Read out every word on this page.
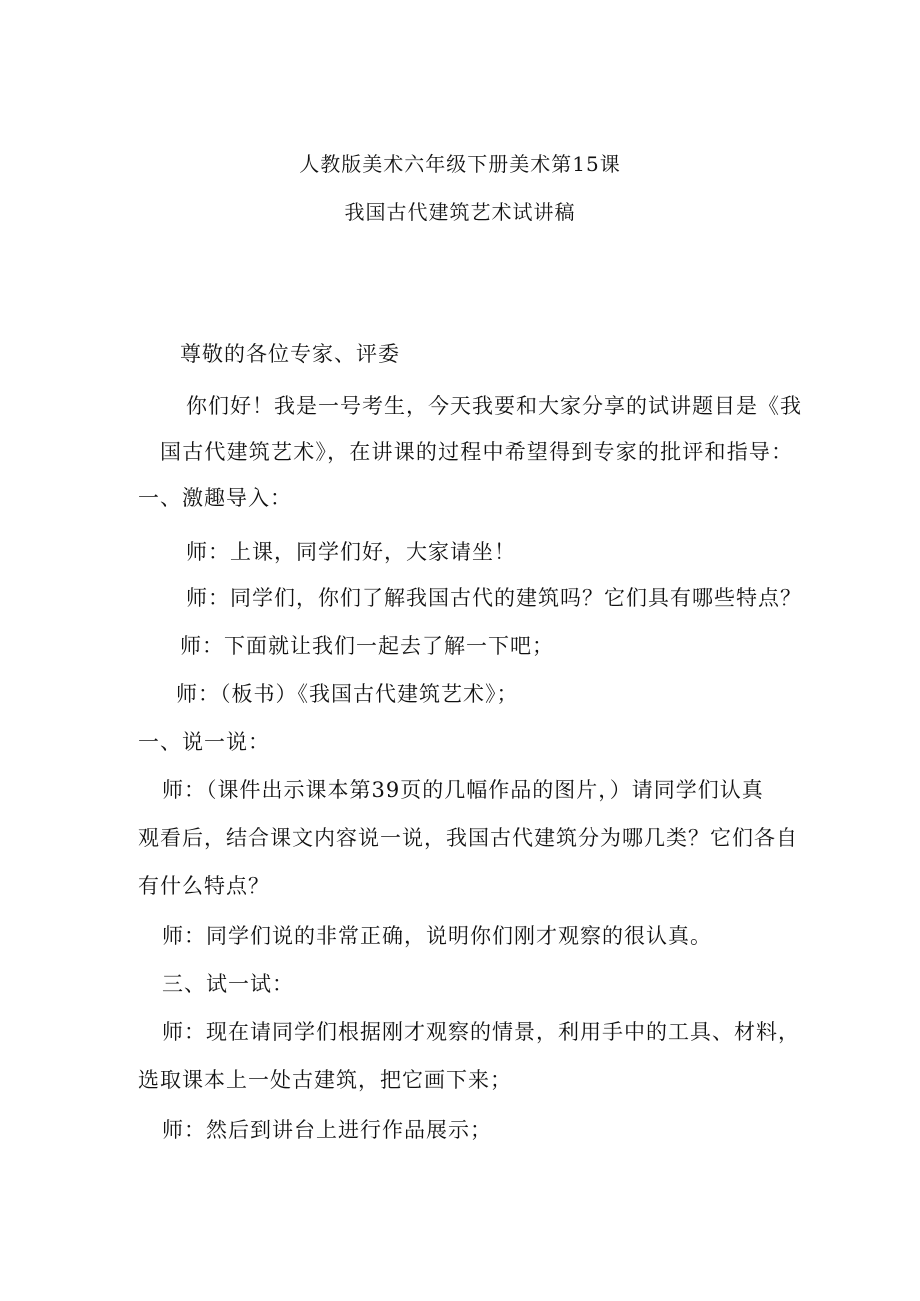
人教版美术六年级下册美术第15课
我国古代建筑艺术试讲稿
尊敬的各位专家、评委
你们好！我是一号考生，今天我要和大家分享的试讲题目是《我
国古代建筑艺术》，在讲课的过程中希望得到专家的批评和指导：
一、激趣导入：
师：上课，同学们好，大家请坐！
师：同学们，你们了解我国古代的建筑吗？它们具有哪些特点？
师：下面就让我们一起去了解一下吧；
师：（板书）《我国古代建筑艺术》；
一、说一说：
师：（课件出示课本第39页的几幅作品的图片，）请同学们认真
观看后，结合课文内容说一说，我国古代建筑分为哪几类？它们各自
有什么特点？
师：同学们说的非常正确，说明你们刚才观察的很认真。
三、试一试：
师：现在请同学们根据刚才观察的情景，利用手中的工具、材料，
选取课本上一处古建筑，把它画下来；
师：然后到讲台上进行作品展示；
